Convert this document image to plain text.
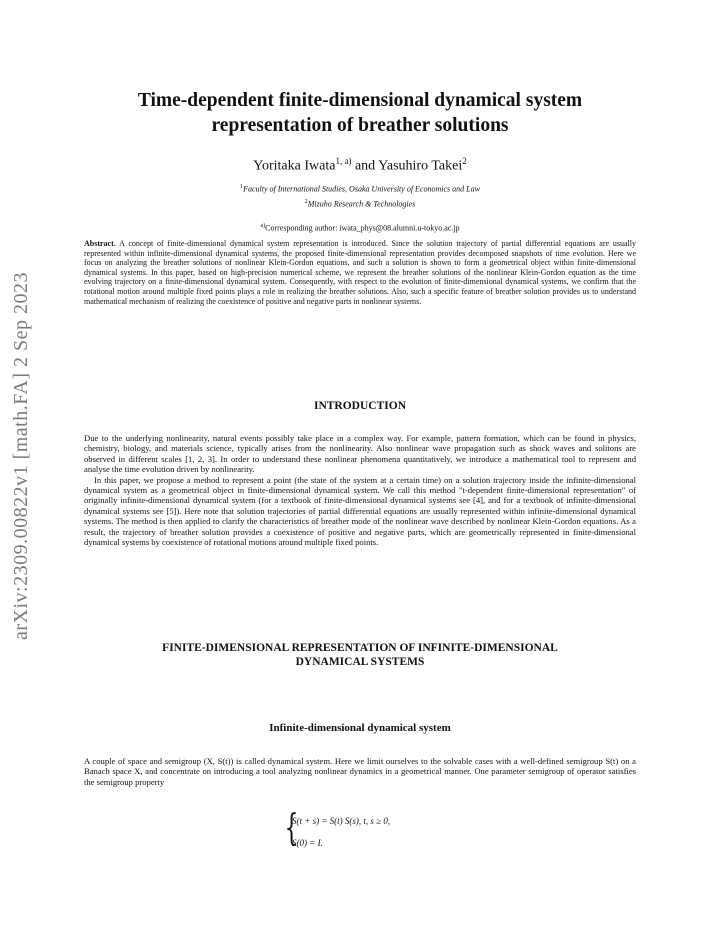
arXiv:2309.00822v1 [math.FA] 2 Sep 2023
Time-dependent finite-dimensional dynamical system
representation of breather solutions
Yoritaka Iwata$^{1, a)}$ and Yasuhiro Takei$^2$
$^1$Faculty of International Studies, Osaka University of Economics and Law
$^2$Mizuho Research & Technologies
$^{a)}$Corresponding author: iwata_phys@08.alumni.u-tokyo.ac.jp
Abstract. A concept of finite-dimensional dynamical system representation is introduced. Since the solution trajectory of partial differential equations are usually represented within infinite-dimensional dynamical systems, the proposed finite-dimensional representation provides decomposed snapshots of time evolution. Here we focus on analyzing the breather solutions of nonlinear Klein-Gordon equations, and such a solution is shown to form a geometrical object within finite-dimensional dynamical systems. In this paper, based on high-precision numerical scheme, we represent the breather solutions of the nonlinear Klein-Gordon equation as the time evolving trajectory on a finite-dimensional dynamical system. Consequently, with respect to the evolution of finite-dimensional dynamical systems, we confirm that the rotational motion around multiple fixed points plays a role in realizing the breather solutions. Also, such a specific feature of breather solution provides us to understand mathematical mechanism of realizing the coexistence of positive and negative parts in nonlinear systems.
INTRODUCTION

Due to the underlying nonlinearity, natural events possibly take place in a complex way. For example, pattern formation, which can be found in physics, chemistry, biology, and materials science, typically arises from the nonlinearity. Also nonlinear wave propagation such as shock waves and solitons are observed in different scales [1, 2, 3]. In order to understand these nonlinear phenomena quantitatively, we introduce a mathematical tool to represent and analyse the time evolution driven by nonlinearity.

In this paper, we propose a method to represent a point (the state of the system at a certain time) on a solution trajectory inside the infinite-dimensional dynamical system as a geometrical object in finite-dimensional dynamical system. We call this method "t-dependent finite-dimensional representation" of originally infinite-dimensional dynamical system (for a textbook of finite-dimensional dynamical systems see [4], and for a textbook of infinite-dimensional dynamical systems see [5]). Here note that solution trajectories of partial differential equations are usually represented within infinite-dimensional dynamical systems. The method is then applied to clarify the characteristics of breather mode of the nonlinear wave described by nonlinear Klein-Gordon equations. As a result, the trajectory of breather solution provides a coexistence of positive and negative parts, which are geometrically represented in finite-dimensional dynamical systems by coexistence of rotational motions around multiple fixed points.

FINITE-DIMENSIONAL REPRESENTATION OF INFINITE-DIMENSIONAL
DYNAMICAL SYSTEMS
Infinite-dimensional dynamical system

A couple of space and semigroup (X, S(t)) is called dynamical system. Here we limit ourselves to the solvable cases with a well-defined semigroup S(t) on a Banach space X, and concentrate on introducing a tool analyzing nonlinear dynamics in a geometrical manner. One parameter semigroup of operator satisfies the semigroup property

{
S(t + s) = S(t) S(s), t, s ≥ 0,
S(0) = I.
